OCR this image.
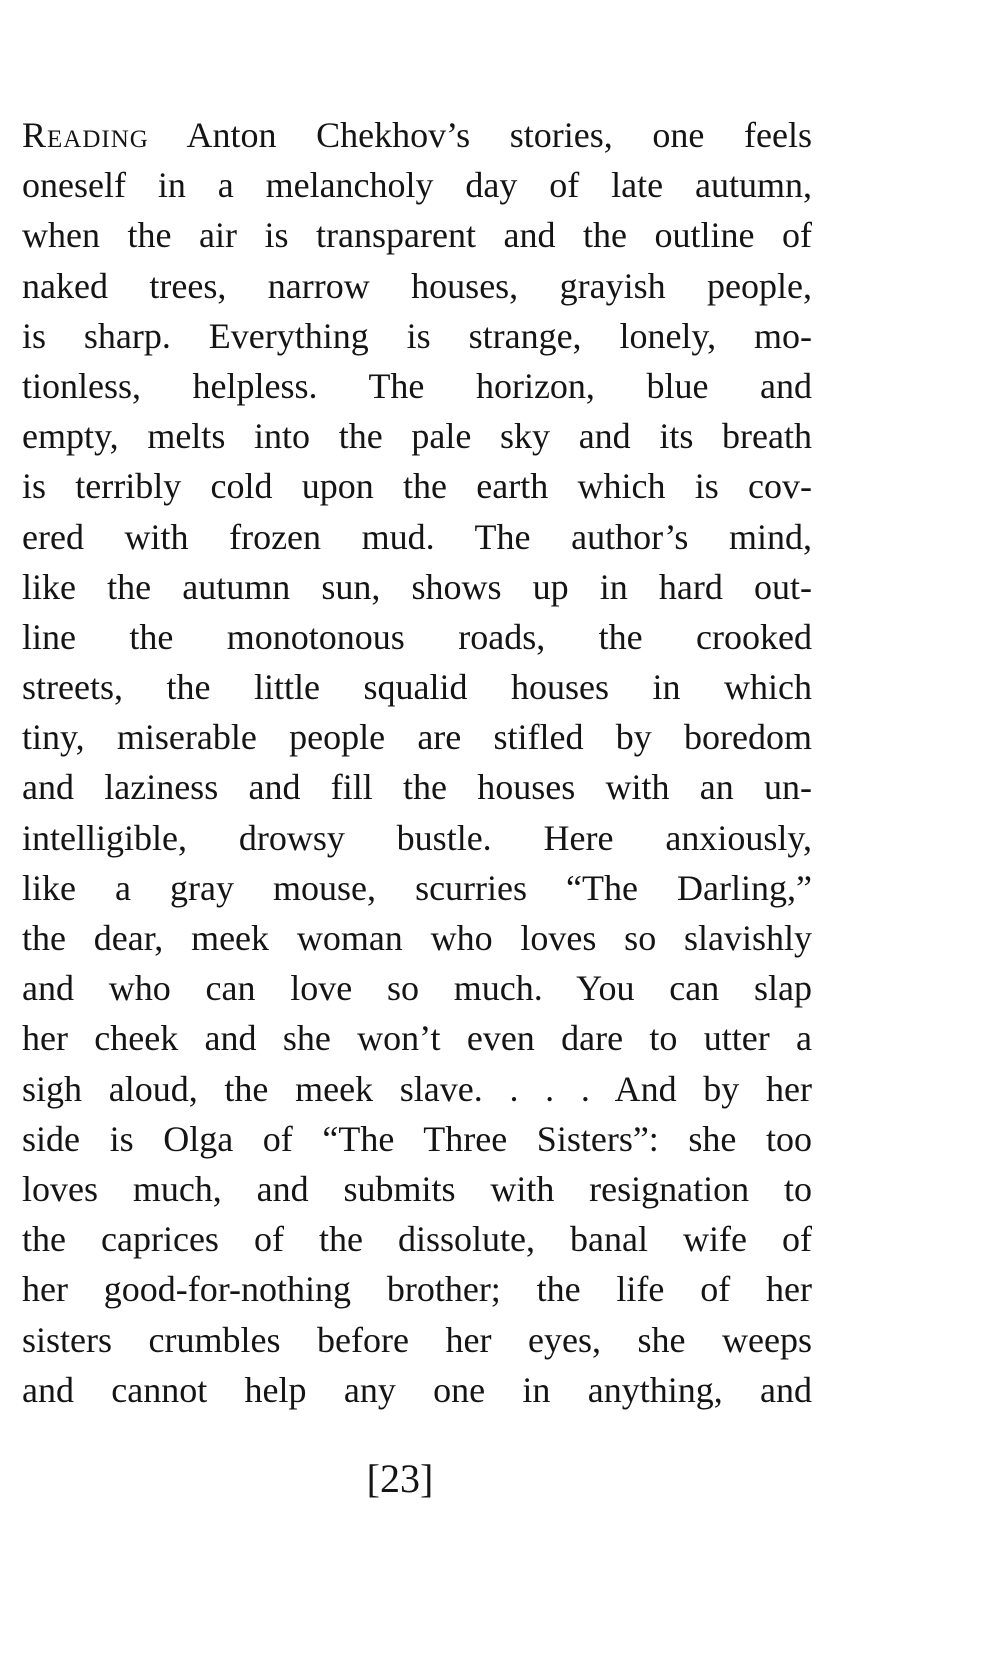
Reading Anton Chekhov’s stories, one feels
oneself in a melancholy day of late autumn,
when the air is transparent and the outline of
naked trees, narrow houses, grayish people,
is sharp. Everything is strange, lonely, mo-
tionless, helpless. The horizon, blue and
empty, melts into the pale sky and its breath
is terribly cold upon the earth which is cov-
ered with frozen mud. The author’s mind,
like the autumn sun, shows up in hard out-
line the monotonous roads, the crooked
streets, the little squalid houses in which
tiny, miserable people are stifled by boredom
and laziness and fill the houses with an un-
intelligible, drowsy bustle. Here anxiously,
like a gray mouse, scurries “The Darling,”
the dear, meek woman who loves so slavishly
and who can love so much. You can slap
her cheek and she won’t even dare to utter a
sigh aloud, the meek slave. . . . And by her
side is Olga of “The Three Sisters”: she too
loves much, and submits with resignation to
the caprices of the dissolute, banal wife of
her good-for-nothing brother; the life of her
sisters crumbles before her eyes, she weeps
and cannot help any one in anything, and
[23]
